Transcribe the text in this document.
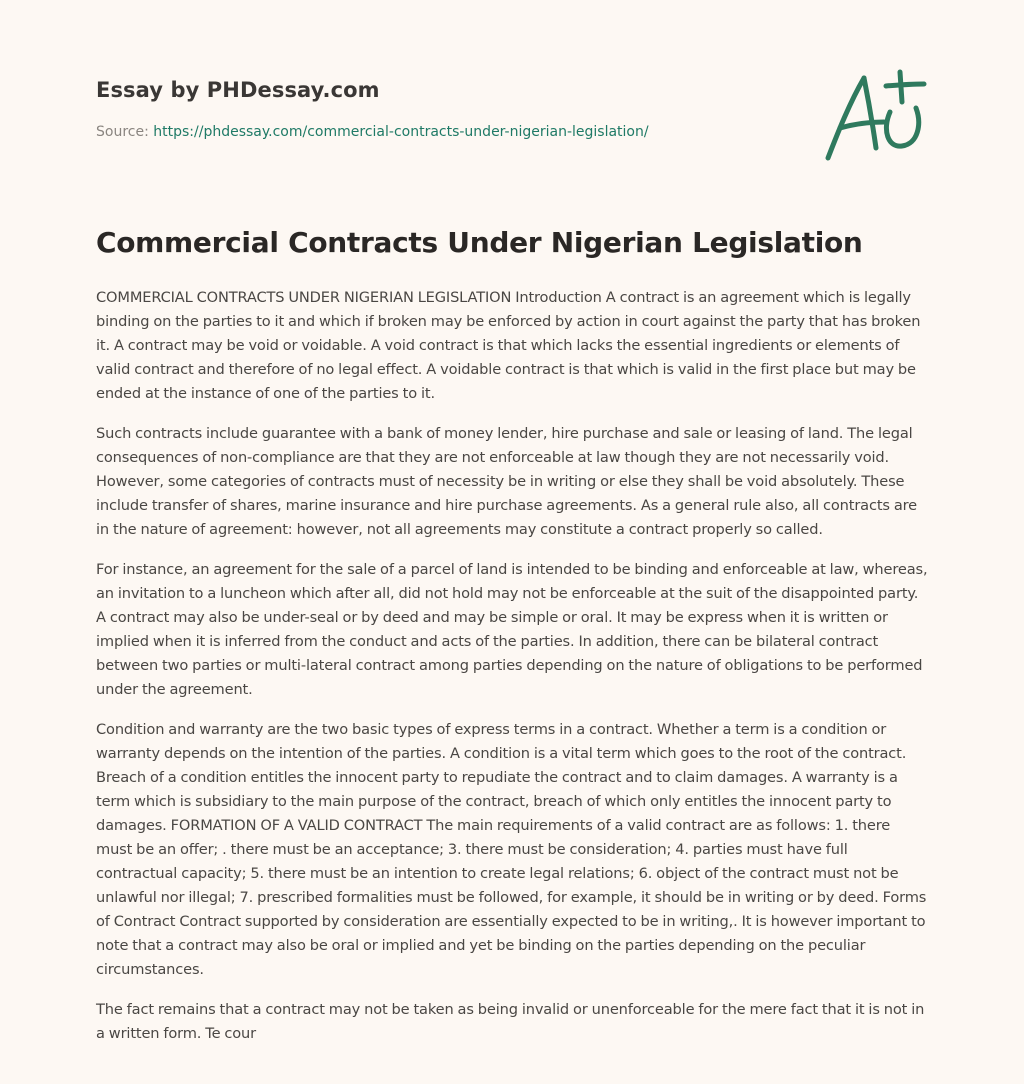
Essay by PHDessay.com
Source: https://phdessay.com/commercial-contracts-under-nigerian-legislation/
Commercial Contracts Under Nigerian Legislation

COMMERCIAL CONTRACTS UNDER NIGERIAN LEGISLATION Introduction A contract is an agreement which is legally binding on the parties to it and which if broken may be enforced by action in court against the party that has broken it. A contract may be void or voidable. A void contract is that which lacks the essential ingredients or elements of valid contract and therefore of no legal effect. A voidable contract is that which is valid in the first place but may be ended at the instance of one of the parties to it.

Such contracts include guarantee with a bank of money lender, hire purchase and sale or leasing of land. The legal consequences of non-compliance are that they are not enforceable at law though they are not necessarily void. However, some categories of contracts must of necessity be in writing or else they shall be void absolutely. These include transfer of shares, marine insurance and hire purchase agreements. As a general rule also, all contracts are in the nature of agreement: however, not all agreements may constitute a contract properly so called.

For instance, an agreement for the sale of a parcel of land is intended to be binding and enforceable at law, whereas, an invitation to a luncheon which after all, did not hold may not be enforceable at the suit of the disappointed party. A contract may also be under-seal or by deed and may be simple or oral. It may be express when it is written or implied when it is inferred from the conduct and acts of the parties. In addition, there can be bilateral contract between two parties or multi-lateral contract among parties depending on the nature of obligations to be performed under the agreement.

Condition and warranty are the two basic types of express terms in a contract. Whether a term is a condition or warranty depends on the intention of the parties. A condition is a vital term which goes to the root of the contract. Breach of a condition entitles the innocent party to repudiate the contract and to claim damages. A warranty is a term which is subsidiary to the main purpose of the contract, breach of which only entitles the innocent party to damages. FORMATION OF A VALID CONTRACT The main requirements of a valid contract are as follows: 1. there must be an offer; . there must be an acceptance; 3. there must be consideration; 4. parties must have full contractual capacity; 5. there must be an intention to create legal relations; 6. object of the contract must not be unlawful nor illegal; 7. prescribed formalities must be followed, for example, it should be in writing or by deed. Forms of Contract Contract supported by consideration are essentially expected to be in writing,. It is however important to note that a contract may also be oral or implied and yet be binding on the parties depending on the peculiar circumstances.

The fact remains that a contract may not be taken as being invalid or unenforceable for the mere fact that it is not in a written form. Te cour
